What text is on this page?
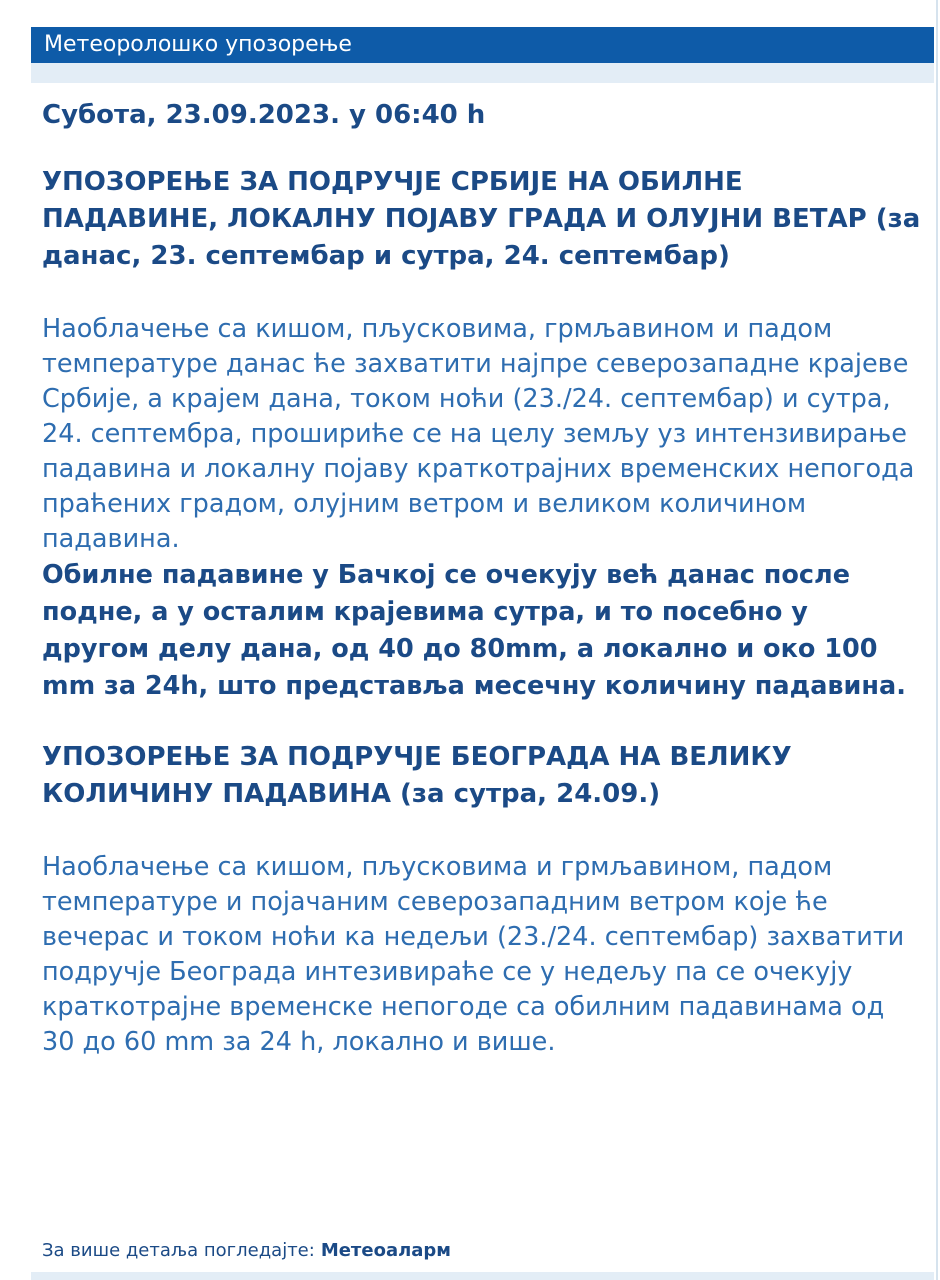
Метеоролошко упозорење

Субота, 23.09.2023. у 06:40 h

УПОЗОРЕЊЕ ЗА ПОДРУЧЈЕ СРБИЈЕ НА ОБИЛНЕ ПАДАВИНЕ, ЛОКАЛНУ ПОЈАВУ ГРАДА И ОЛУЈНИ ВЕТАР (за данас, 23. септембар и сутра, 24. септембар)

Наоблачење са кишом, пљусковима, грмљавином и падом температуре данас ће захватити најпре северозападне крајеве Србије, а крајем дана, током ноћи (23./24. септембар) и сутра, 24. септембра, прошириће се на целу земљу уз интензивирање падавина и локалну појаву краткотрајних временских непогода праћених градом, олујним ветром и великом количином падавина.

Обилне падавине у Бачкој се очекују већ данас после подне, а у осталим крајевима сутра, и то посебно у другом делу дана, од 40 до 80mm, а локално и око 100 mm за 24h, што представља месечну количину падавина.

УПОЗОРЕЊЕ ЗА ПОДРУЧЈЕ БЕОГРАДА НА ВЕЛИКУ КОЛИЧИНУ ПАДАВИНА (за сутра, 24.09.)

Наоблачење са кишом, пљусковима и грмљавином, падом температуре и појачаним северозападним ветром које ће вечерас и током ноћи ка недељи (23./24. септембар) захватити подручје Београда интезивираће се у недељу па се очекују краткотрајне временске непогоде са обилним падавинама од 30 до 60 mm за 24 h, локално и више.

За више детаља погледајте: Метеоаларм
